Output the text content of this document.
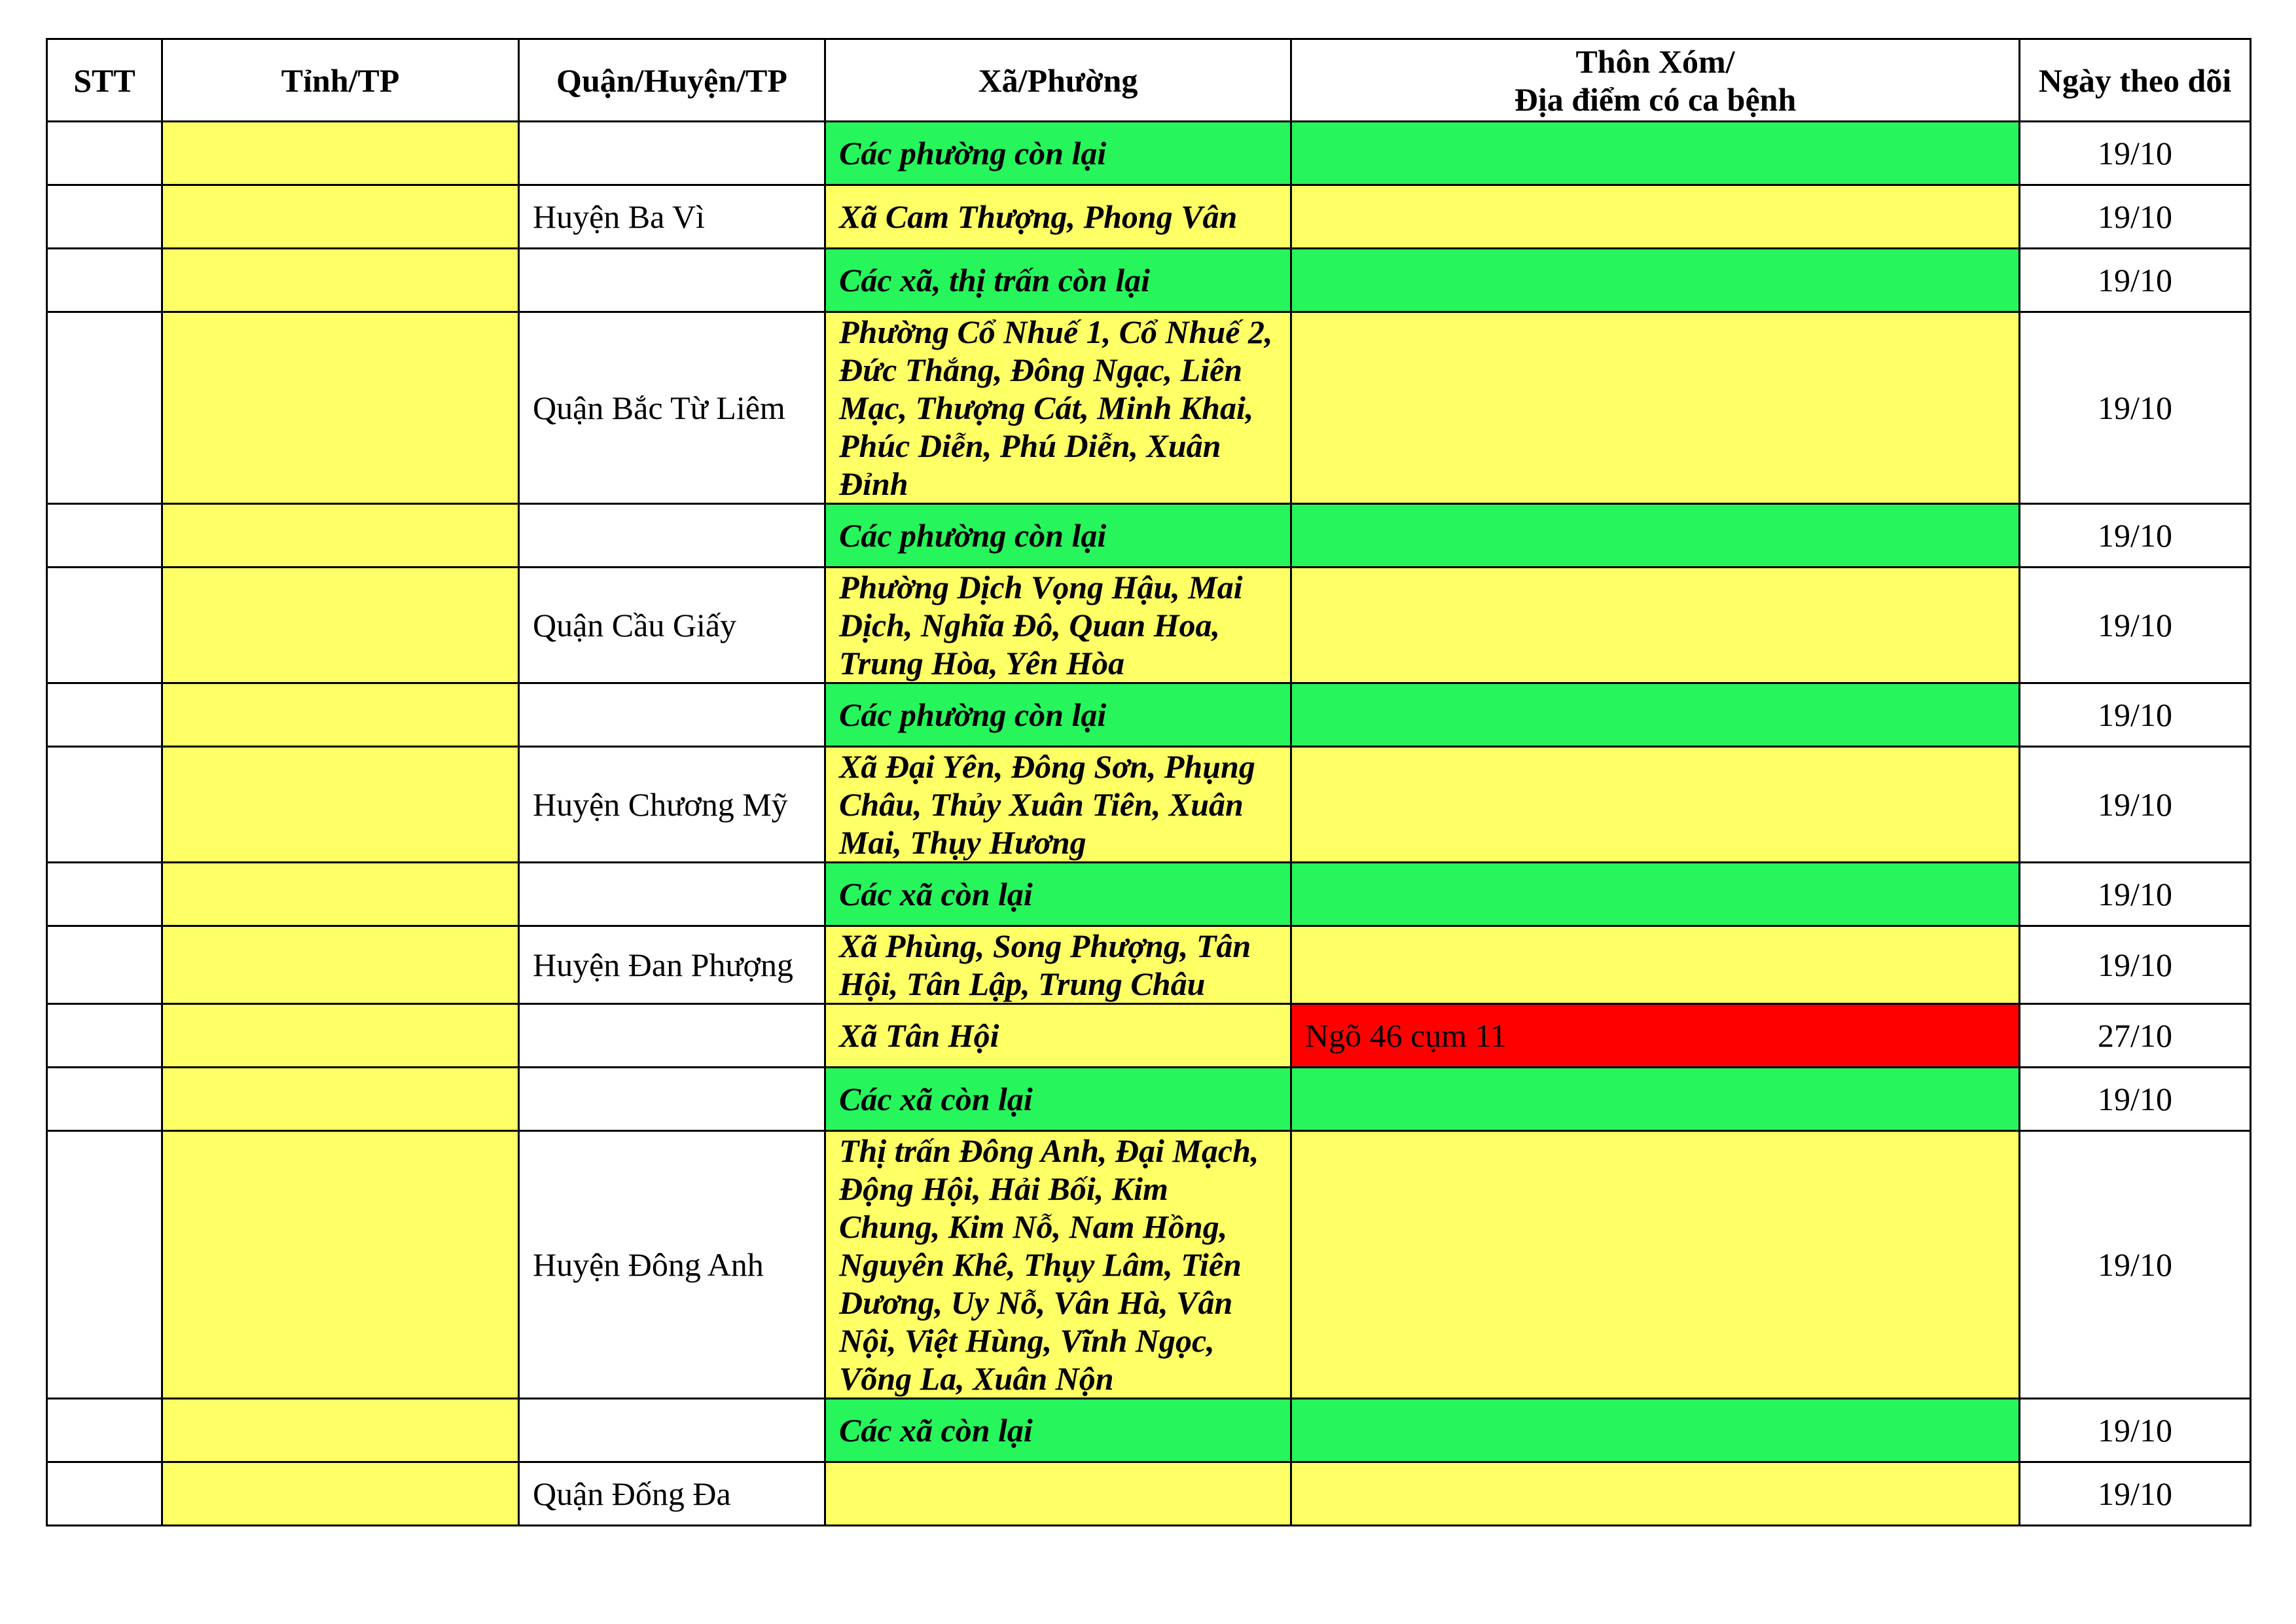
STT	Tỉnh/TP	Quận/Huyện/TP	Xã/Phường	Thôn Xóm/
Địa điểm có ca bệnh	Ngày theo dõi
			Các phường còn lại		19/10
		Huyện Ba Vì	Xã Cam Thượng, Phong Vân		19/10
			Các xã, thị trấn còn lại		19/10
		Quận Bắc Từ Liêm	Phường Cổ Nhuế 1, Cổ Nhuế 2, Đức Thắng, Đông Ngạc, Liên Mạc, Thượng Cát, Minh Khai, Phúc Diễn, Phú Diễn, Xuân Đỉnh		19/10
			Các phường còn lại		19/10
		Quận Cầu Giấy	Phường Dịch Vọng Hậu, Mai Dịch, Nghĩa Đô, Quan Hoa, Trung Hòa, Yên Hòa		19/10
			Các phường còn lại		19/10
		Huyện Chương Mỹ	Xã Đại Yên, Đông Sơn, Phụng Châu, Thủy Xuân Tiên, Xuân Mai, Thụy Hương		19/10
			Các xã còn lại		19/10
		Huyện Đan Phượng	Xã Phùng, Song Phượng, Tân Hội, Tân Lập, Trung Châu		19/10
			Xã Tân Hội	Ngõ 46 cụm 11	27/10
			Các xã còn lại		19/10
		Huyện Đông Anh	Thị trấn Đông Anh, Đại Mạch, Động Hội, Hải Bối, Kim Chung, Kim Nỗ, Nam Hồng, Nguyên Khê, Thụy Lâm, Tiên Dương, Uy Nỗ, Vân Hà, Vân Nội, Việt Hùng, Vĩnh Ngọc, Võng La, Xuân Nộn		19/10
			Các xã còn lại		19/10
		Quận Đống Đa			19/10
